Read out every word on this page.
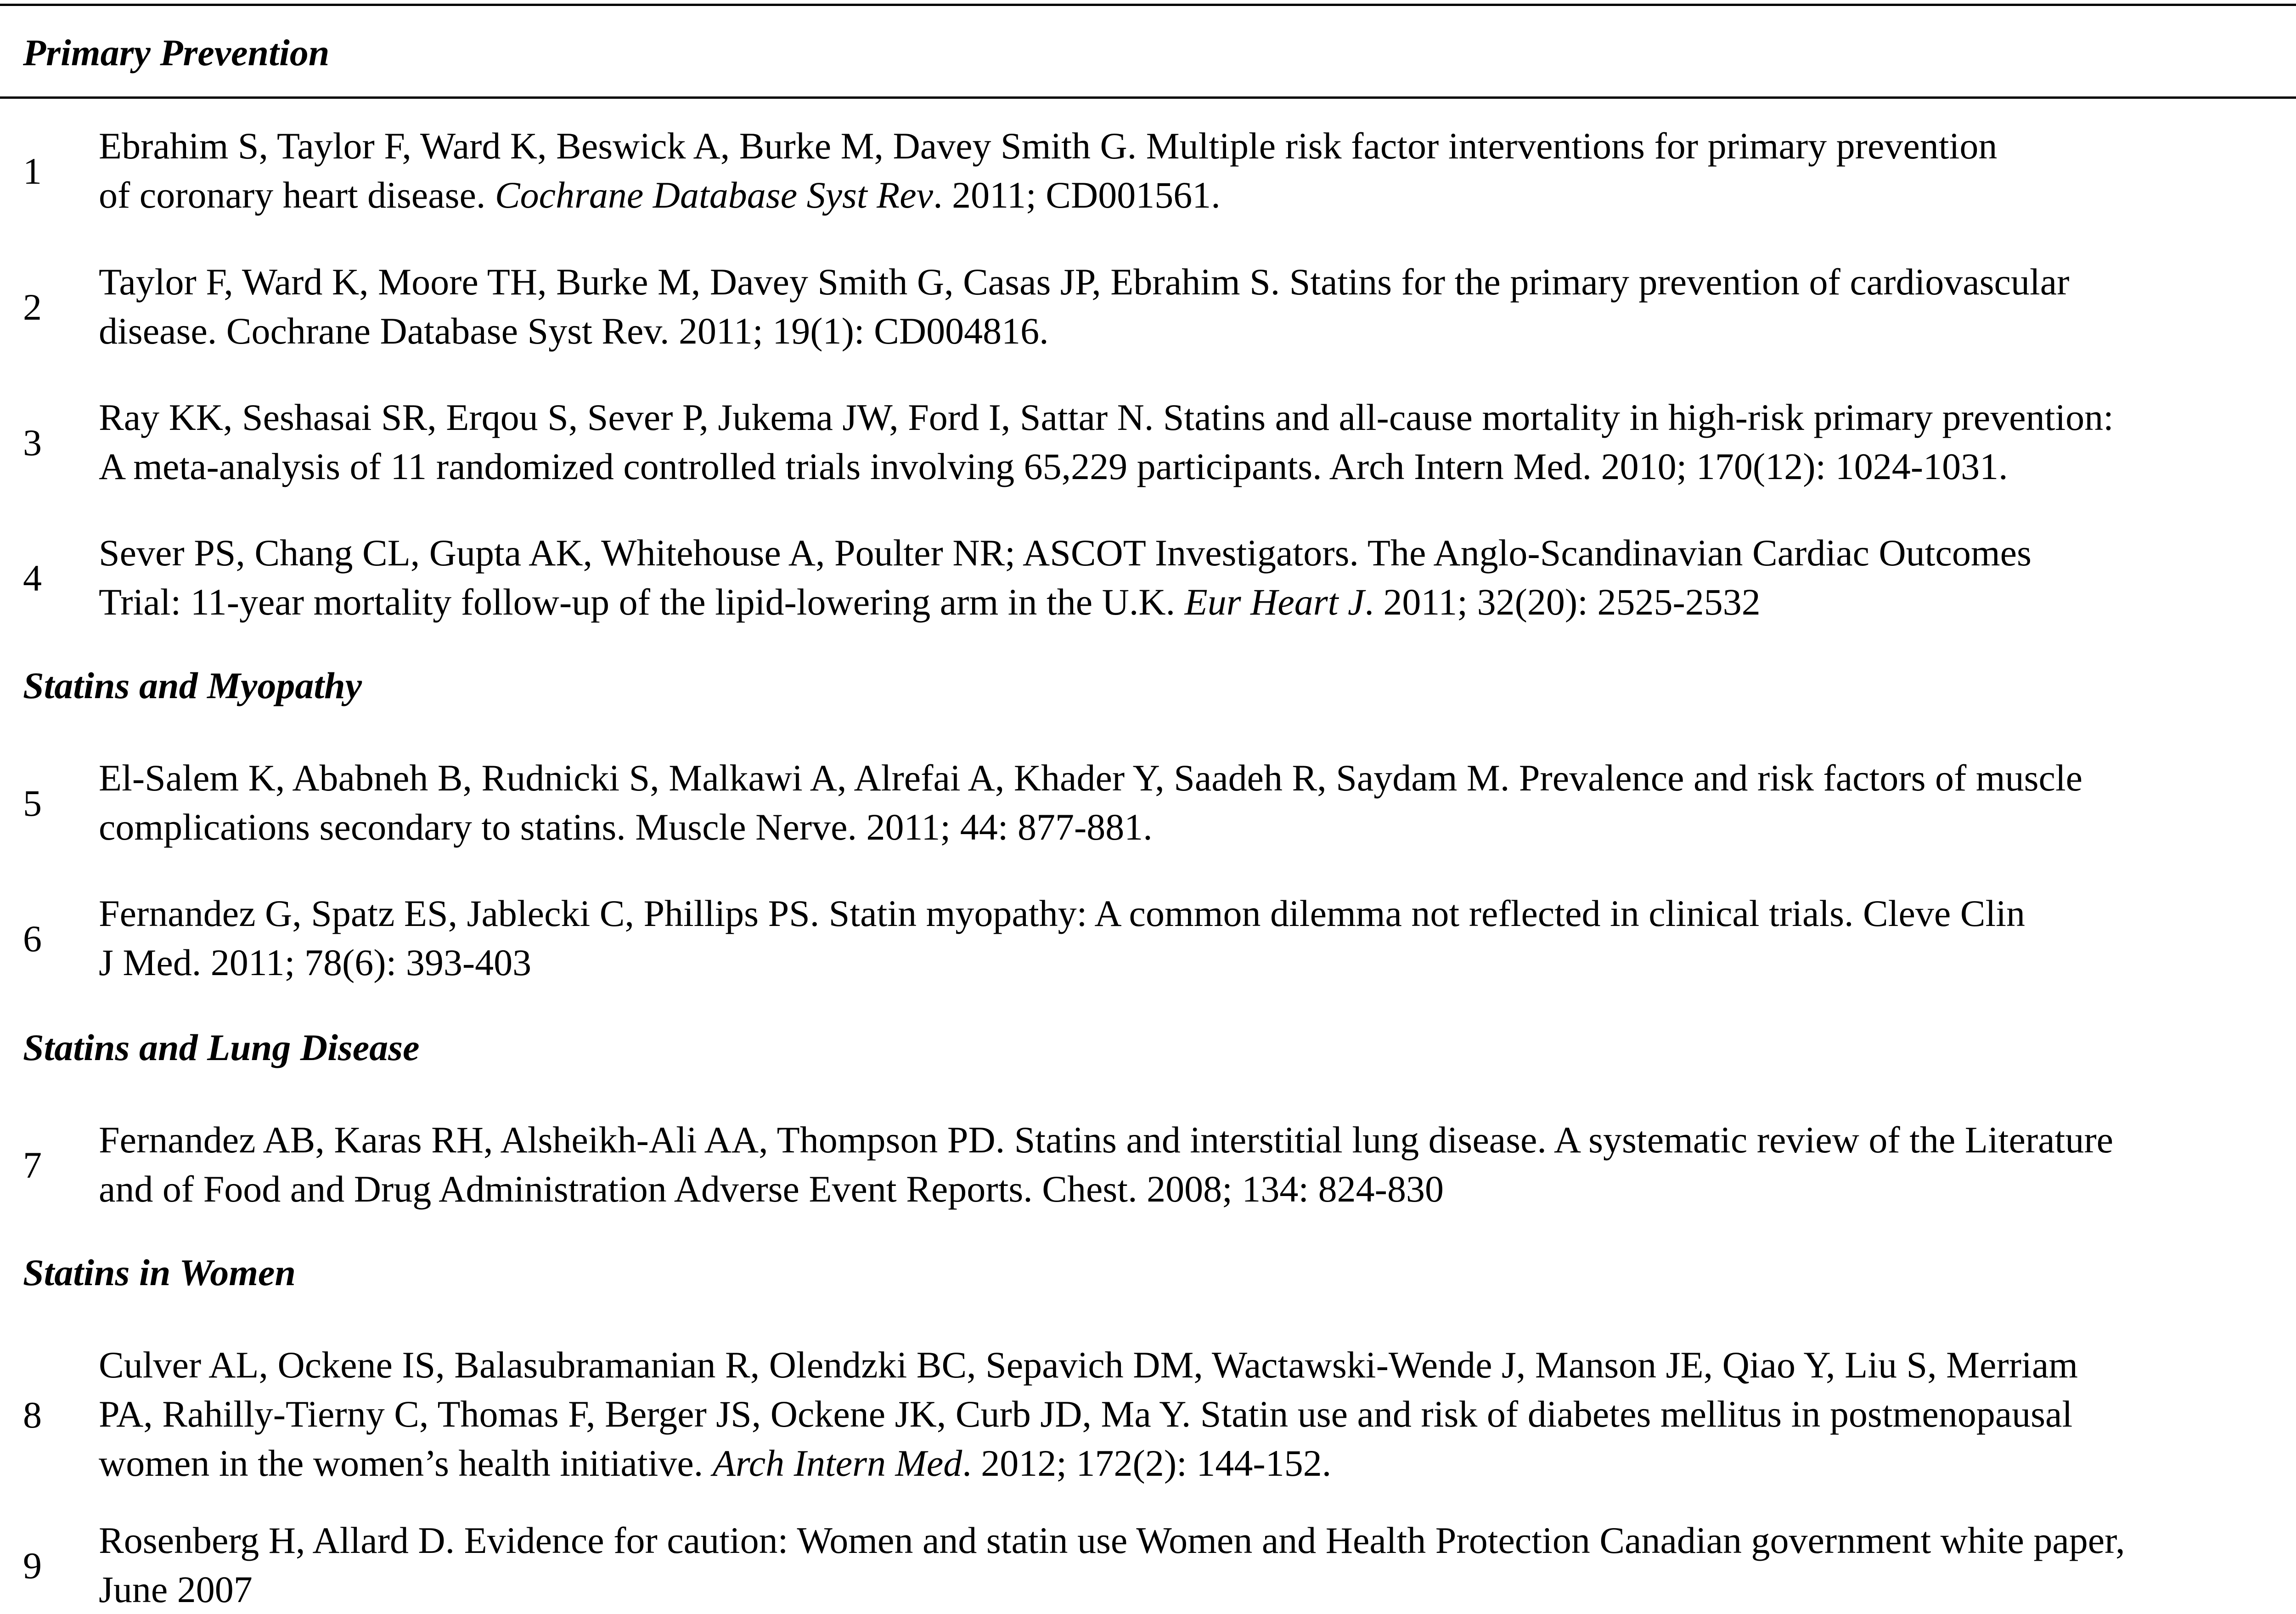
Primary Prevention
1
Ebrahim S, Taylor F, Ward K, Beswick A, Burke M, Davey Smith G. Multiple risk factor interventions for primary prevention
of coronary heart disease. Cochrane Database Syst Rev. 2011; CD001561.
2
Taylor F, Ward K, Moore TH, Burke M, Davey Smith G, Casas JP, Ebrahim S. Statins for the primary prevention of cardiovascular
disease. Cochrane Database Syst Rev. 2011; 19(1): CD004816.
3
Ray KK, Seshasai SR, Erqou S, Sever P, Jukema JW, Ford I, Sattar N. Statins and all-cause mortality in high-risk primary prevention:
A meta-analysis of 11 randomized controlled trials involving 65,229 participants. Arch Intern Med. 2010; 170(12): 1024-1031.
4
Sever PS, Chang CL, Gupta AK, Whitehouse A, Poulter NR; ASCOT Investigators. The Anglo-Scandinavian Cardiac Outcomes
Trial: 11-year mortality follow-up of the lipid-lowering arm in the U.K. Eur Heart J. 2011; 32(20): 2525-2532
Statins and Myopathy
5
El-Salem K, Ababneh B, Rudnicki S, Malkawi A, Alrefai A, Khader Y, Saadeh R, Saydam M. Prevalence and risk factors of muscle
complications secondary to statins. Muscle Nerve. 2011; 44: 877-881.
6
Fernandez G, Spatz ES, Jablecki C, Phillips PS. Statin myopathy: A common dilemma not reflected in clinical trials. Cleve Clin
J Med. 2011; 78(6): 393-403
Statins and Lung Disease
7
Fernandez AB, Karas RH, Alsheikh-Ali AA, Thompson PD. Statins and interstitial lung disease. A systematic review of the Literature
and of Food and Drug Administration Adverse Event Reports. Chest. 2008; 134: 824-830
Statins in Women
8
Culver AL, Ockene IS, Balasubramanian R, Olendzki BC, Sepavich DM, Wactawski-Wende J, Manson JE, Qiao Y, Liu S, Merriam
PA, Rahilly-Tierny C, Thomas F, Berger JS, Ockene JK, Curb JD, Ma Y. Statin use and risk of diabetes mellitus in postmenopausal
women in the women’s health initiative. Arch Intern Med. 2012; 172(2): 144-152.
9
Rosenberg H, Allard D. Evidence for caution: Women and statin use Women and Health Protection Canadian government white paper,
June 2007
